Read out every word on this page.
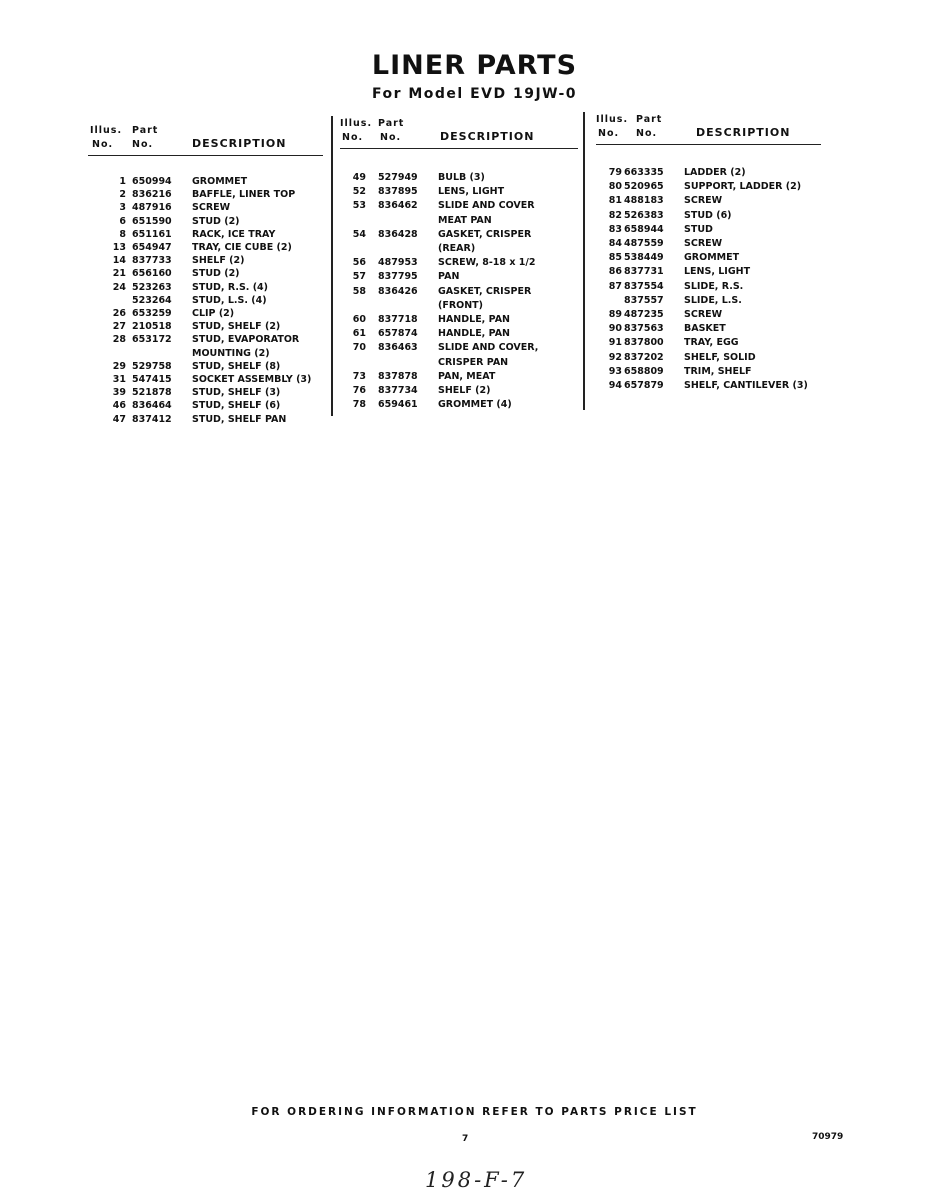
LINER PARTS
For Model EVD 19JW-0
Illus. Part
No. No.	DESCRIPTION
1 650994 GROMMET
2 836216 BAFFLE, LINER TOP
3 487916 SCREW
6 651590 STUD (2)
8 651161 RACK, ICE TRAY
13 654947 TRAY, CIE CUBE (2)
14 837733 SHELF (2)
21 656160 STUD (2)
24 523263 STUD, R.S. (4)
523264 STUD, L.S. (4)
26 653259 CLIP (2)
27 210518 STUD, SHELF (2)
28 653172 STUD, EVAPORATOR
MOUNTING (2)
29 529758 STUD, SHELF (8)
31 547415 SOCKET ASSEMBLY (3)
39 521878 STUD, SHELF (3)
46 836464 STUD, SHELF (6)
47 837412 STUD, SHELF PAN
Illus. Part
No. No.	DESCRIPTION
49 527949 BULB (3)
52 837895 LENS, LIGHT
53 836462 SLIDE AND COVER
MEAT PAN
54 836428 GASKET, CRISPER
(REAR)
56 487953 SCREW, 8-18 x 1/2
57 837795 PAN
58 836426 GASKET, CRISPER
(FRONT)
60 837718 HANDLE, PAN
61 657874 HANDLE, PAN
70 836463 SLIDE AND COVER,
CRISPER PAN
73 837878 PAN, MEAT
76 837734 SHELF (2)
78 659461 GROMMET (4)
Illus. Part
No. No.	DESCRIPTION
79 663335 LADDER (2)
80 520965 SUPPORT, LADDER (2)
81 488183 SCREW
82 526383 STUD (6)
83 658944 STUD
84 487559 SCREW
85 538449 GROMMET
86 837731 LENS, LIGHT
87 837554 SLIDE, R.S.
837557 SLIDE, L.S.
89 487235 SCREW
90 837563 BASKET
91 837800 TRAY, EGG
92 837202 SHELF, SOLID
93 658809 TRIM, SHELF
94 657879 SHELF, CANTILEVER (3)
FOR ORDERING INFORMATION REFER TO PARTS PRICE LIST
7	70979
198-F-7
